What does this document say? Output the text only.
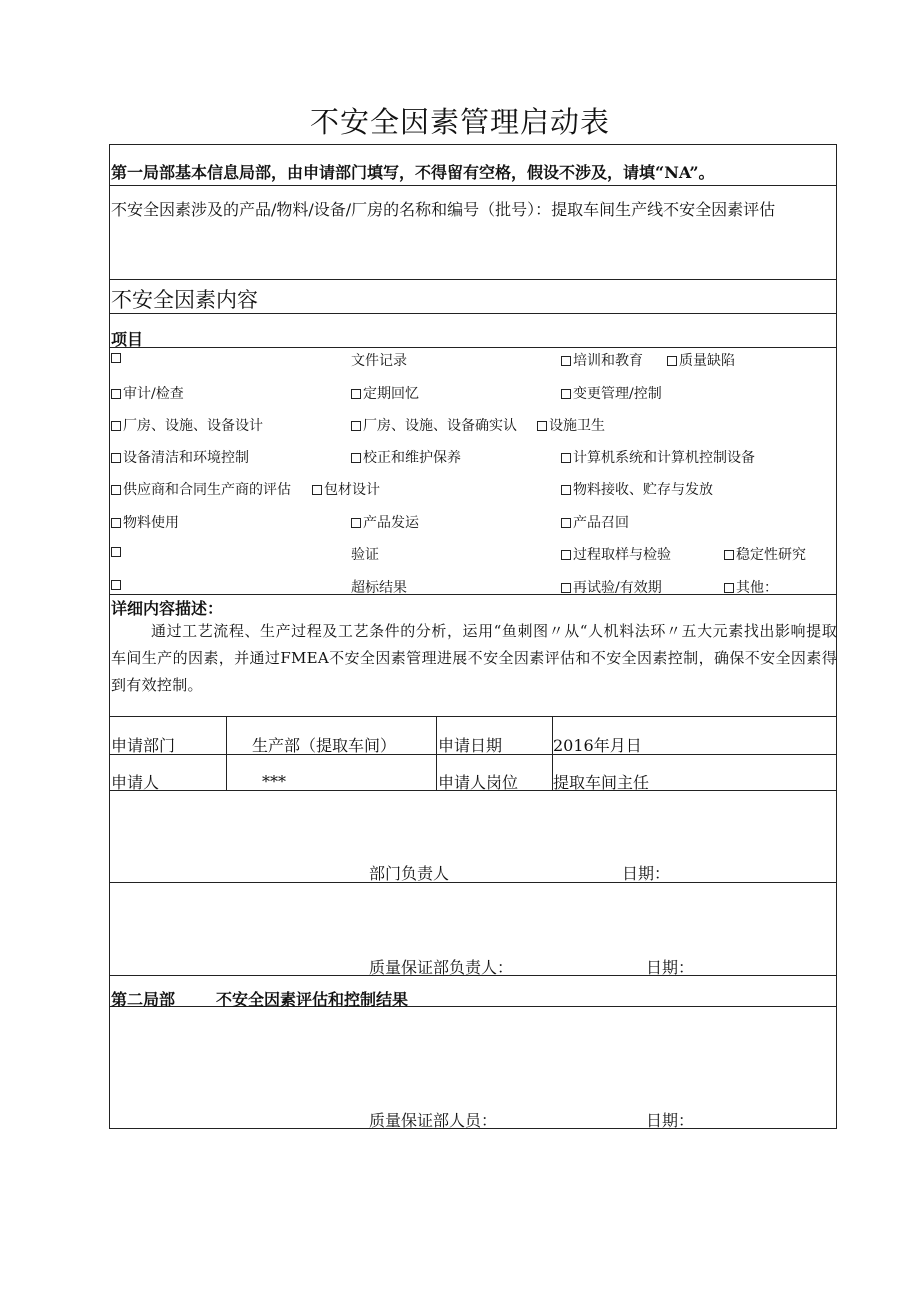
不安全因素管理启动表
第一局部基本信息局部，由申请部门填写，不得留有空格，假设不涉及，请填“NA”。
不安全因素涉及的产品/物料/设备/厂房的名称和编号（批号）：提取车间生产线不安全因素评估
不安全因素内容
项目
文件记录	培训和教育	质量缺陷
审计/检查	定期回忆	变更管理/控制
厂房、设施、设备设计	厂房、设施、设备确实认	设施卫生
设备清洁和环境控制	校正和维护保养	计算机系统和计算机控制设备
供应商和合同生产商的评估	包材设计	物料接收、贮存与发放
物料使用	产品发运	产品召回
验证	过程取样与检验	稳定性研究
超标结果	再试验/有效期	其他：
详细内容描述：
通过工艺流程、生产过程及工艺条件的分析，运用“鱼刺图〃从“人机料法环〃五大元素找出影响提取车间生产的因素，并通过FMEA不安全因素管理进展不安全因素评估和不安全因素控制，确保不安全因素得到有效控制。
申请部门	生产部（提取车间）	申请日期	2016年月日
申请人	***	申请人岗位 提取车间主任
部门负责人	日期：
质量保证部负责人：	日期：
第二局部	不安全因素评估和控制结果
质量保证部人员：	日期：
